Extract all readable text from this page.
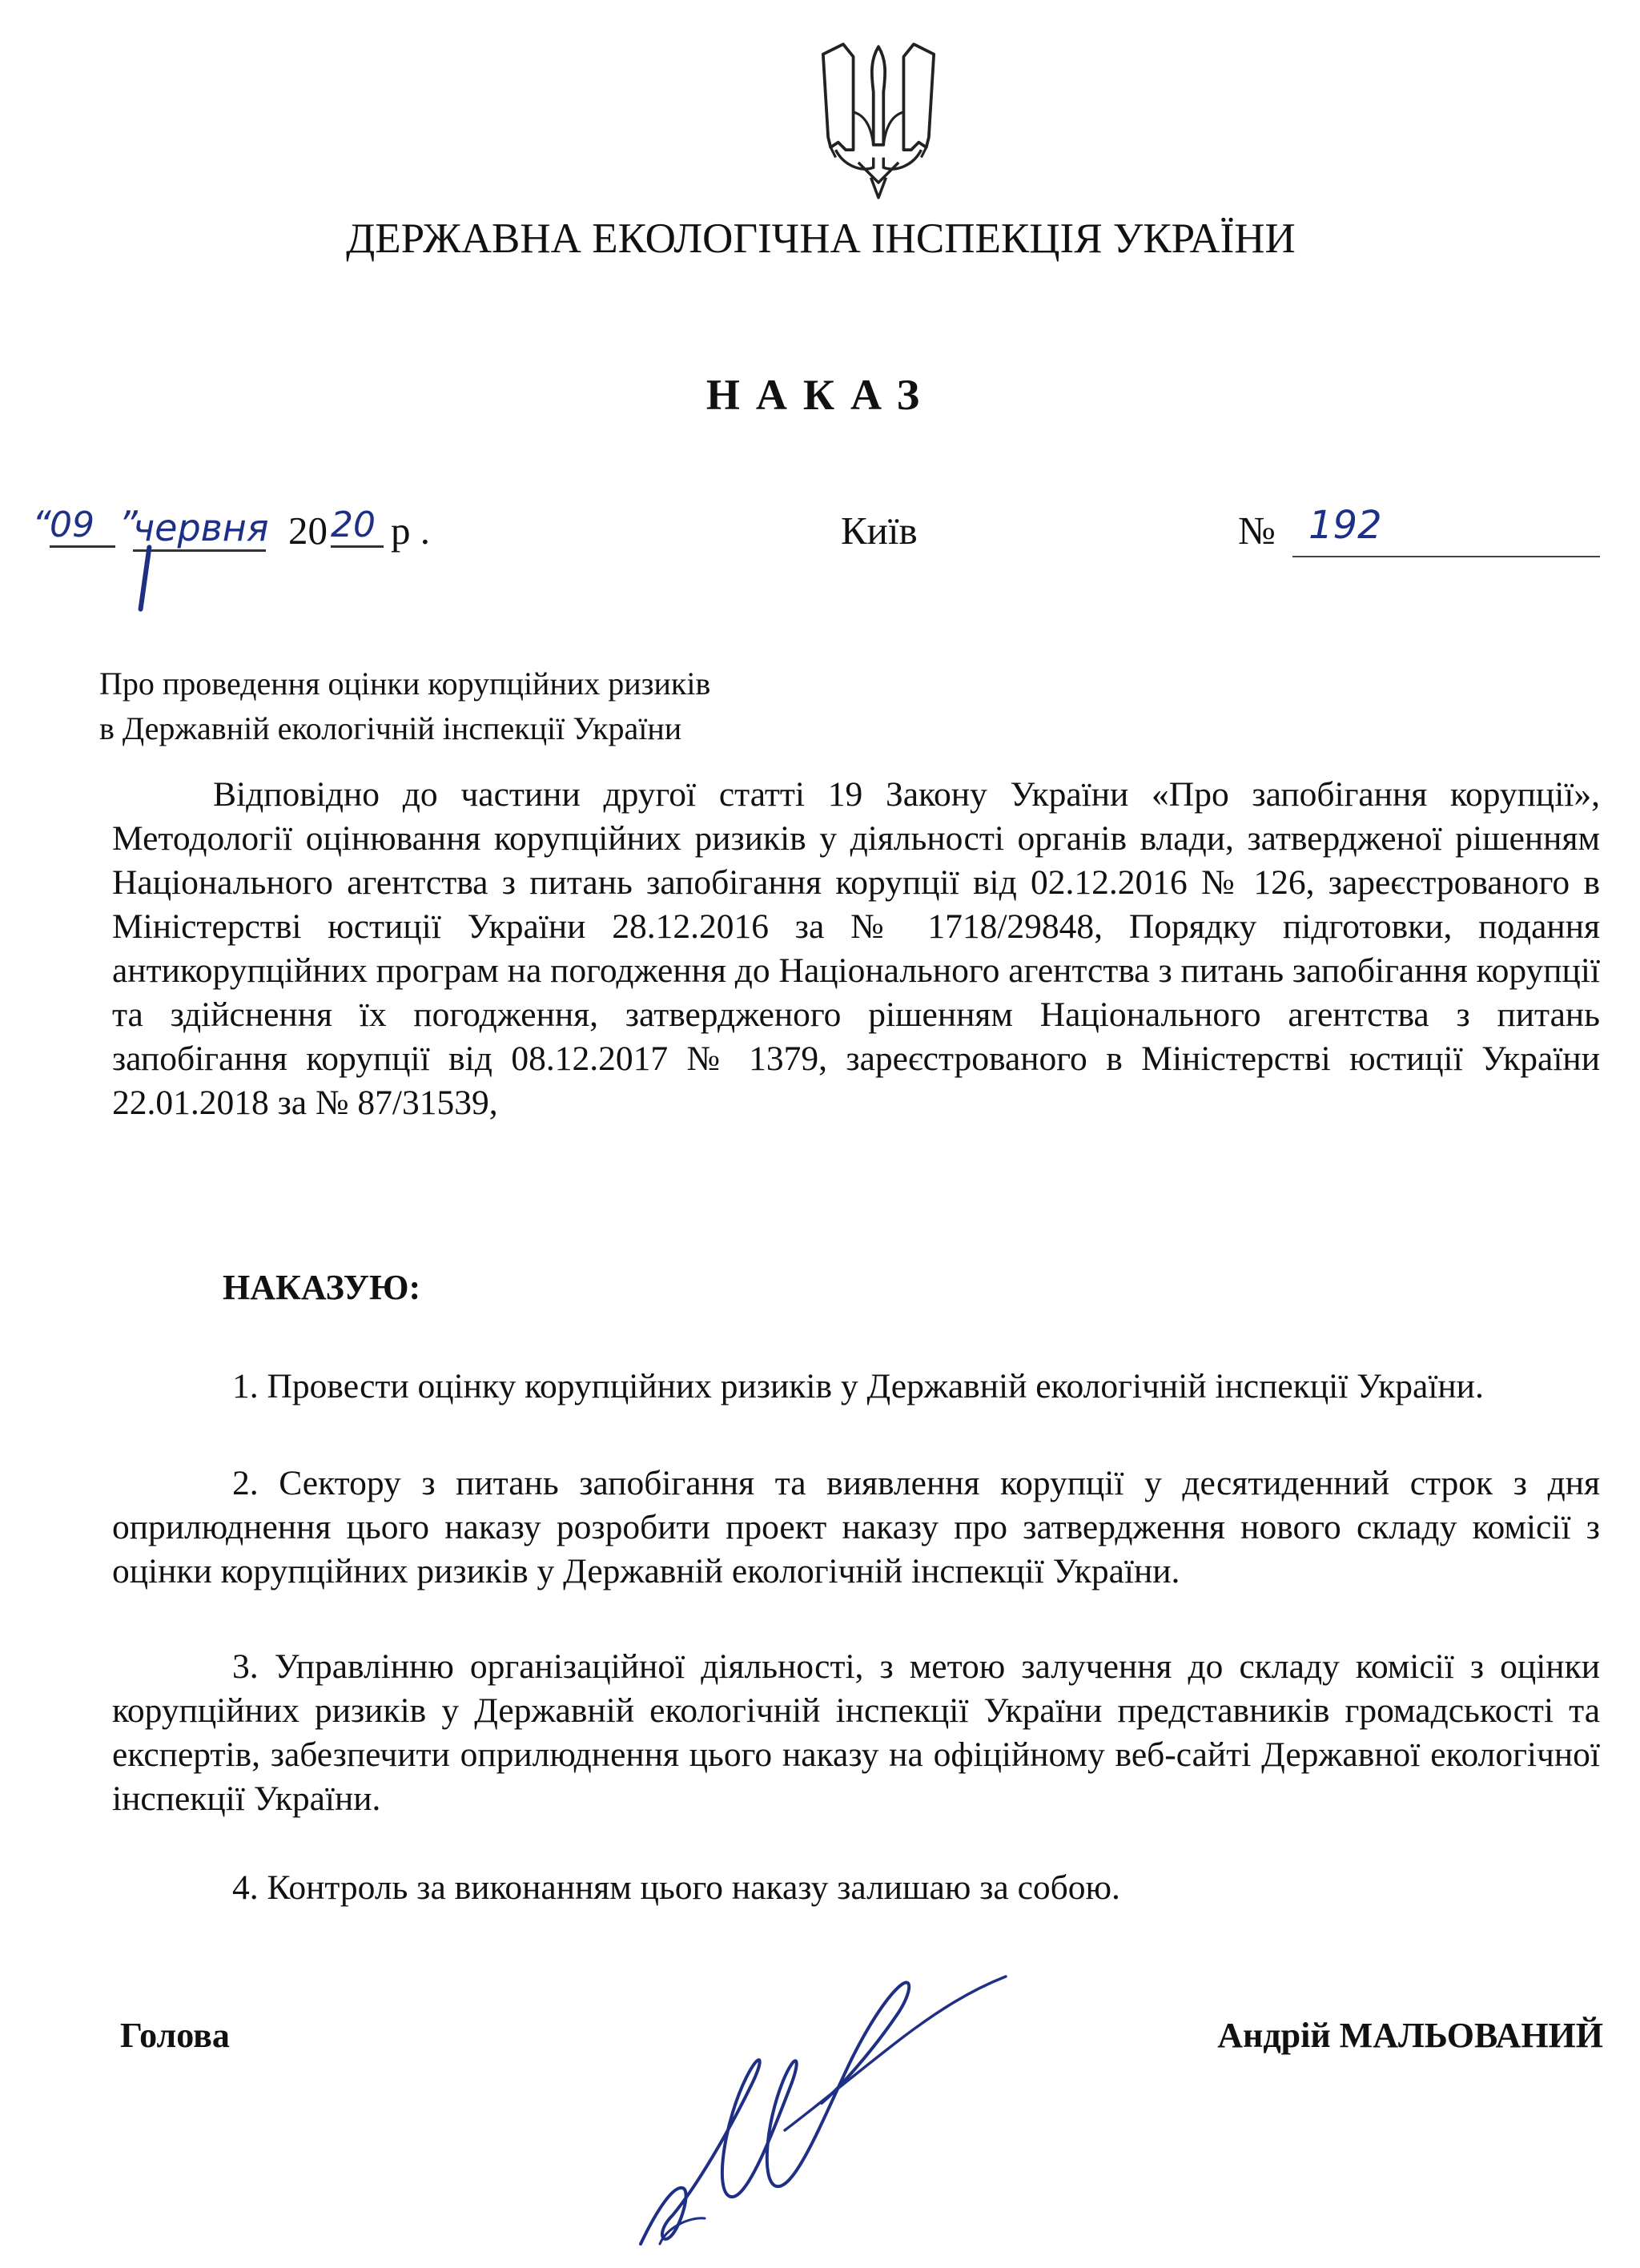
ДЕРЖАВНА ЕКОЛОГІЧНА ІНСПЕКЦІЯ УКРАЇНИ
НАКАЗ
“
09 ”
червня 20 20 р .	Київ	№ 192
Про проведення оцінки корупційних ризиків
в Державній екологічній інспекції України
Відповідно до частини другої статті 19 Закону України «Про запобігання корупції», Методології оцінювання корупційних ризиків у діяльності органів влади, затвердженої рішенням Національного агентства з питань запобігання корупції від 02.12.2016 № 126, зареєстрованого в Міністерстві юстиції України 28.12.2016 за № 1718/29848, Порядку підготовки, подання антикорупційних програм на погодження до Національного агентства з питань запобігання корупції та здійснення їх погодження, затвердженого рішенням Національного агентства з питань запобігання корупції від 08.12.2017 № 1379, зареєстрованого в Міністерстві юстиції України 22.01.2018 за № 87/31539,
НАКАЗУЮ:
1. Провести оцінку корупційних ризиків у Державній екологічній інспекції України.
2. Сектору з питань запобігання та виявлення корупції у десятиденний строк з дня оприлюднення цього наказу розробити проект наказу про затвердження нового складу комісії з оцінки корупційних ризиків у Державній екологічній інспекції України.
3. Управлінню організаційної діяльності, з метою залучення до складу комісії з оцінки корупційних ризиків у Державній екологічній інспекції України представників громадськості та експертів, забезпечити оприлюднення цього наказу на офіційному веб-сайті Державної екологічної інспекції України.
4. Контроль за виконанням цього наказу залишаю за собою.
Голова	Андрій МАЛЬОВАНИЙ
